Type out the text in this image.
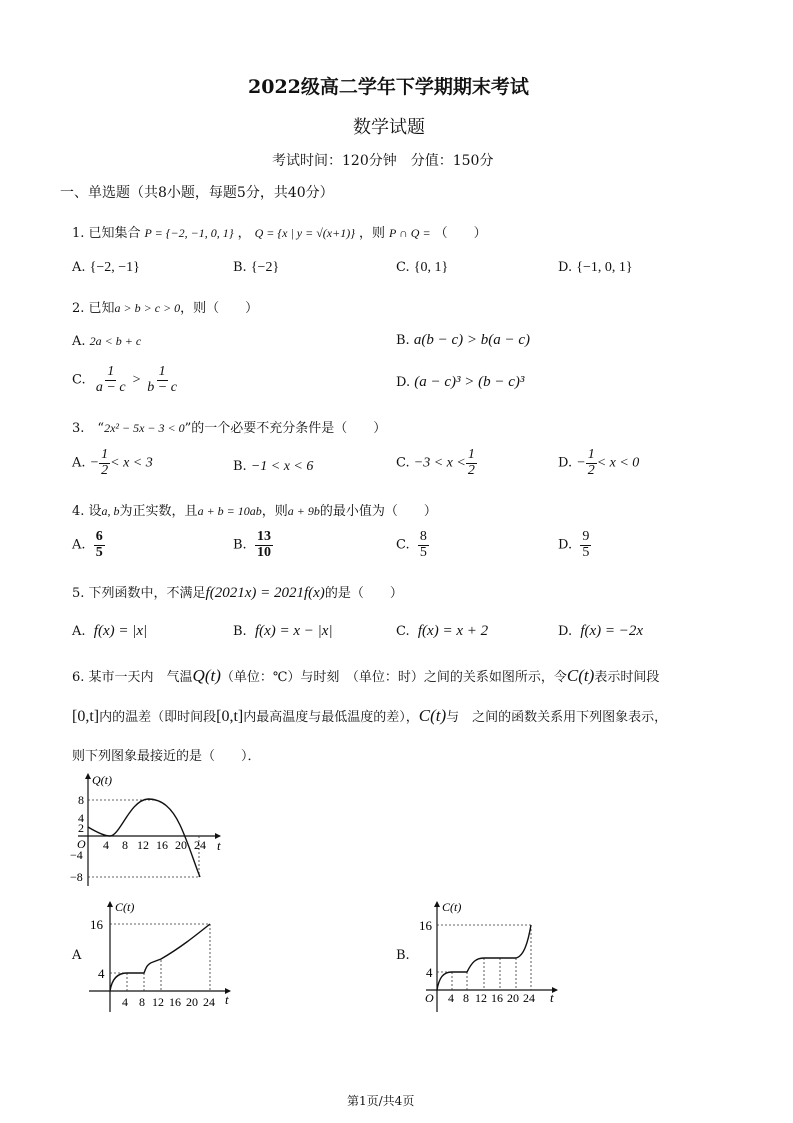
2022级高二学年下学期期末考试
数学试题
考试时间：120分钟　分值：150分
一、单选题（共8小题，每题5分，共40分）
1. 已知集合 P = {−2, −1, 0, 1} ， Q = {x | y = √(x+1)} ，则 P ∩ Q = （　　）
A. {−2, −1}	B. {−2}	C. {0, 1}	D. {−1, 0, 1}
2. 已知a > b > c > 0，则（　　）
A. 2a < b + c	B. a(b − c) > b(a − c)
C. $\frac{1}{a - c} > \frac{1}{b - c}$	D. (a − c)³ > (b − c)³
3.　“2x² − 5x − 3 < 0”的一个必要不充分条件是（　　）
A. − $\frac{1}{2} < x < 3$	B. −1 < x < 6	C. $-3 < x < \frac{1}{2}$	D. − $\frac{1}{2} < x < 0$
4. 设a, b为正实数，且a + b = 10ab，则a + 9b的最小值为（　　）
A. $\frac{6}{5}$	B. $\frac{13}{10}$	C. $\frac{8}{5}$	D. $\frac{9}{5}$
5. 下列函数中，不满足f(2021x) = 2021f(x)的是（　　）
A. f(x) = |x|	B. f(x) = x − |x|	C. f(x) = x + 2	D. f(x) = −2x
6. 某市一天内　气温Q(t)（单位：℃）与时刻　（单位：时）之间的关系如图所示，令C(t)表示时间段
[0,t]内的温差（即时间段[0,t]内最高温度与最低温度的差），C(t)与　之间的函数关系用下列图象表示，
则下列图象最接近的是（　　）．
Q(t)
t
O
8
4
2
−4
−8
4 8 12 16 20 24
A
C(t)
t
16
4
4 8 12 16 20 24
B.
C(t)
t
O
16
4
4 8 12 16 20 24
第1页/共4页
